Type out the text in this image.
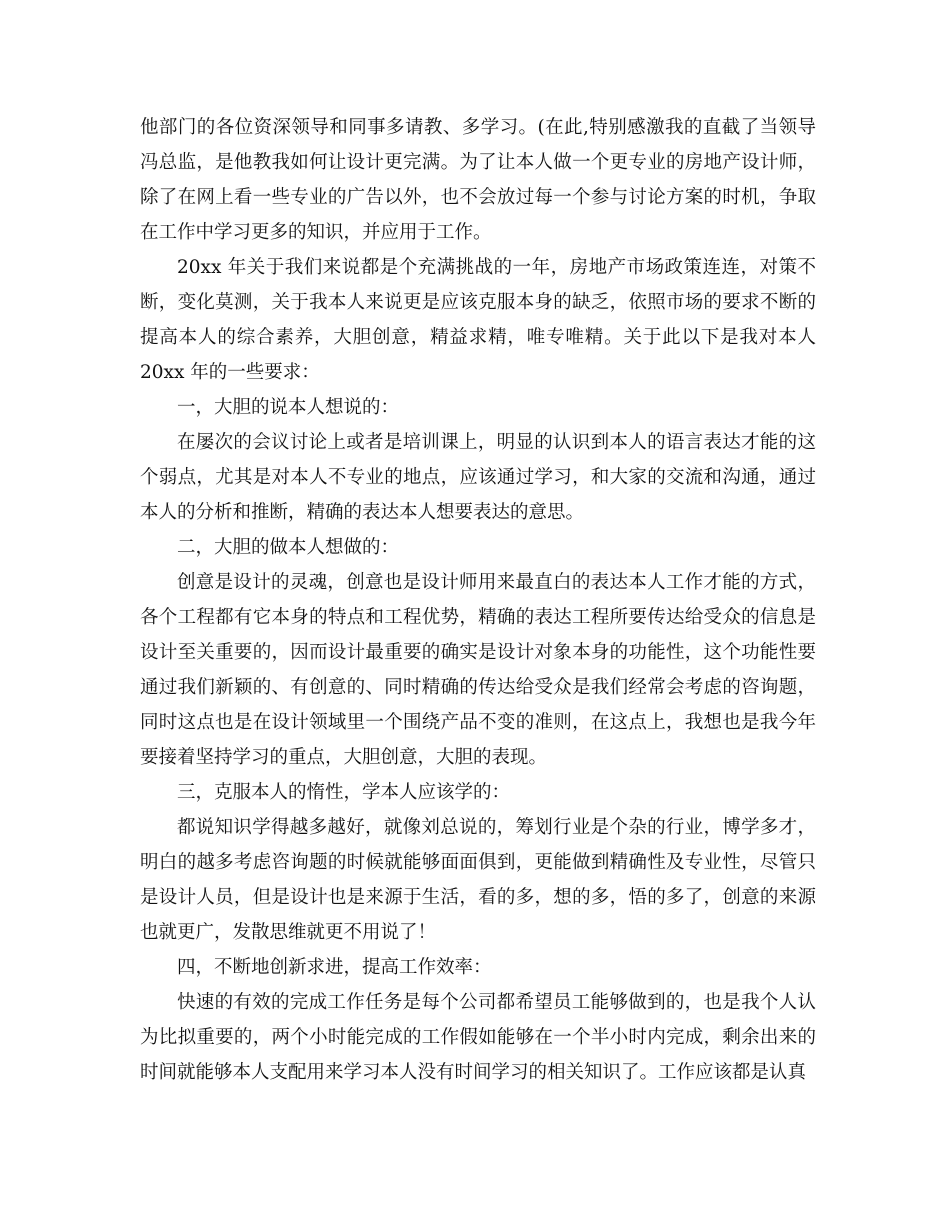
他部门的各位资深领导和同事多请教、多学习。(在此,特别感激我的直截了当领导冯总监，是他教我如何让设计更完满。为了让本人做一个更专业的房地产设计师，除了在网上看一些专业的广告以外，也不会放过每一个参与讨论方案的时机，争取在工作中学习更多的知识，并应用于工作。

20xx 年关于我们来说都是个充满挑战的一年，房地产市场政策连连，对策不断，变化莫测，关于我本人来说更是应该克服本身的缺乏，依照市场的要求不断的提高本人的综合素养，大胆创意，精益求精，唯专唯精。关于此以下是我对本人 20xx 年的一些要求：

一，大胆的说本人想说的：

在屡次的会议讨论上或者是培训课上，明显的认识到本人的语言表达才能的这个弱点，尤其是对本人不专业的地点，应该通过学习，和大家的交流和沟通，通过本人的分析和推断，精确的表达本人想要表达的意思。

二，大胆的做本人想做的：

创意是设计的灵魂，创意也是设计师用来最直白的表达本人工作才能的方式，各个工程都有它本身的特点和工程优势，精确的表达工程所要传达给受众的信息是设计至关重要的，因而设计最重要的确实是设计对象本身的功能性，这个功能性要通过我们新颖的、有创意的、同时精确的传达给受众是我们经常会考虑的咨询题，同时这点也是在设计领域里一个围绕产品不变的准则，在这点上，我想也是我今年要接着坚持学习的重点，大胆创意，大胆的表现。

三，克服本人的惰性，学本人应该学的：

都说知识学得越多越好，就像刘总说的，筹划行业是个杂的行业，博学多才，明白的越多考虑咨询题的时候就能够面面俱到，更能做到精确性及专业性，尽管只是设计人员，但是设计也是来源于生活，看的多，想的多，悟的多了，创意的来源也就更广，发散思维就更不用说了！

四，不断地创新求进，提高工作效率：

快速的有效的完成工作任务是每个公司都希望员工能够做到的，也是我个人认为比拟重要的，两个小时能完成的工作假如能够在一个半小时内完成，剩余出来的时间就能够本人支配用来学习本人没有时间学习的相关知识了。工作应该都是认真
